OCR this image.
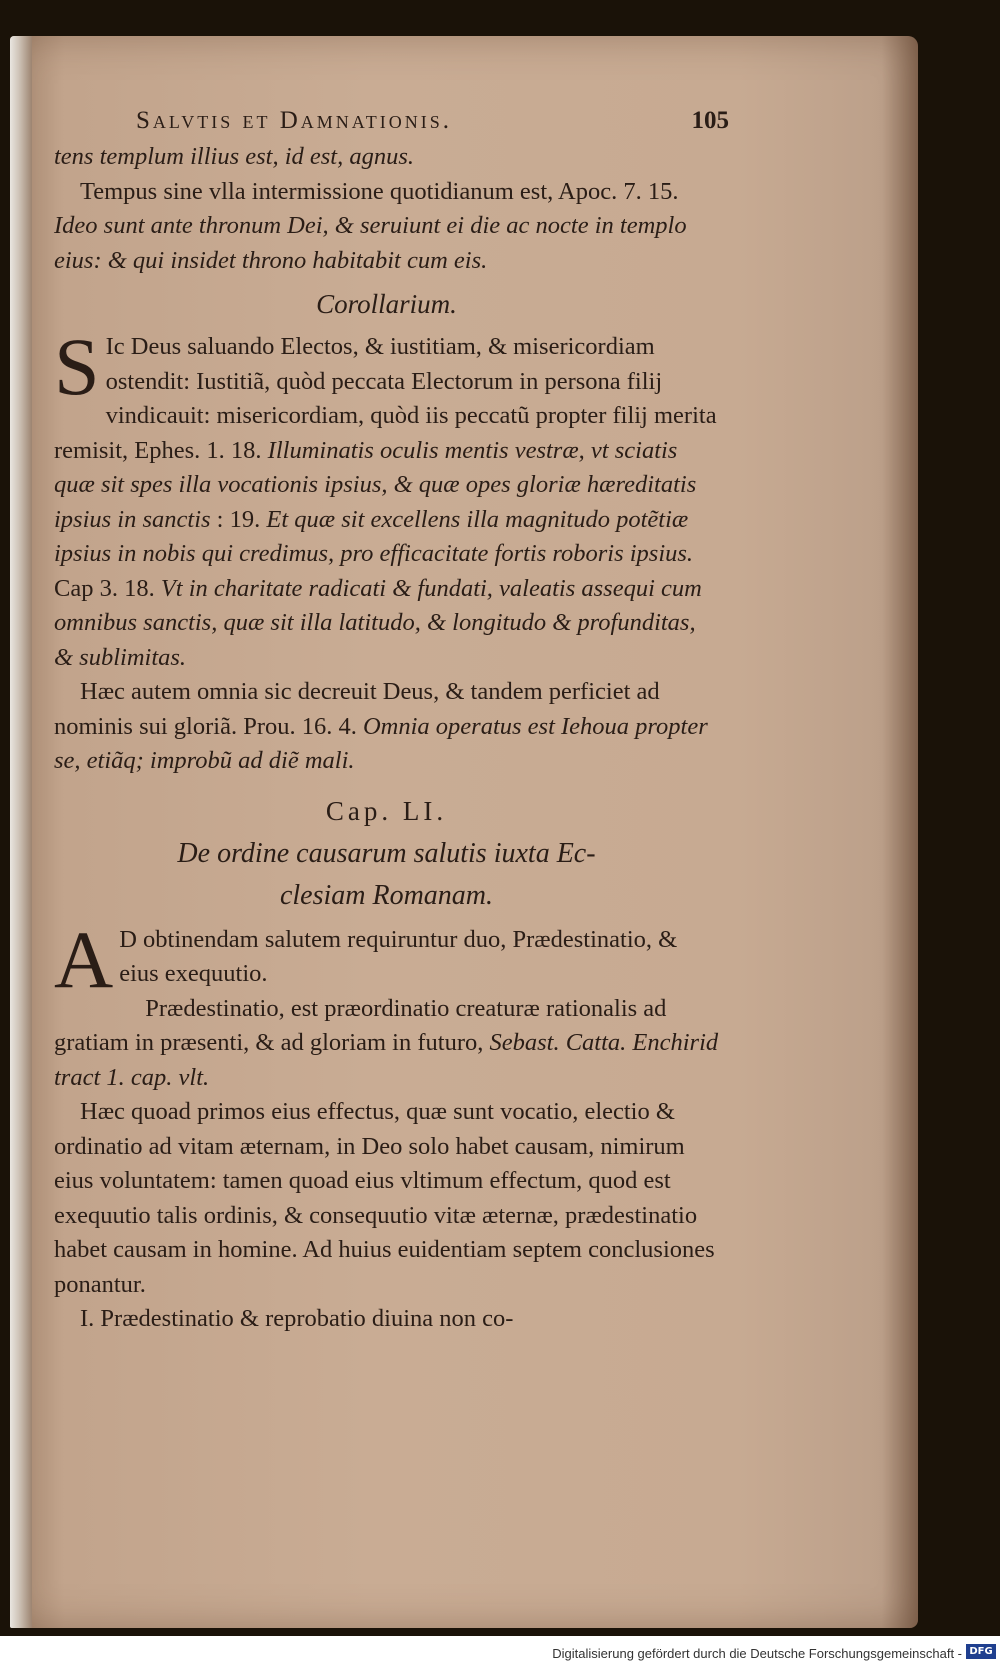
Salvtis et Damnationis.	105

tens templum illius est, id est, agnus.

Tempus sine vlla intermissione quotidianum est, Apoc. 7. 15. Ideo sunt ante thronum Dei, & seruiunt ei die ac nocte in templo eius: & qui insidet throno habitabit cum eis.

Corollarium.

S Ic Deus saluando Electos, & iustitiam, & misericordiam ostendit: Iustitiã, quòd peccata Electorum in persona filij vindicauit: misericordiam, quòd iis peccatũ propter filij merita remisit, Ephes. 1. 18. Illuminatis oculis mentis vestræ, vt sciatis quæ sit spes illa vocationis ipsius, & quæ opes gloriæ hæreditatis ipsius in sanctis : 19. Et quæ sit excellens illa magnitudo potẽtiæ ipsius in nobis qui credimus, pro efficacitate fortis roboris ipsius. Cap 3. 18. Vt in charitate radicati & fundati, valeatis assequi cum omnibus sanctis, quæ sit illa latitudo, & longitudo & profunditas, & sublimitas.

Hæc autem omnia sic decreuit Deus, & tandem perficiet ad nominis sui gloriã. Prou. 16. 4. Omnia operatus est Iehoua propter se, etiãq; improbũ ad diẽ mali.

Cap. LI.
De ordine causarum salutis iuxta Ec-
clesiam Romanam.

A D obtinendam salutem requiruntur duo, Prædestinatio, & eius exequutio.

Prædestinatio, est præordinatio creaturæ rationalis ad gratiam in præsenti, & ad gloriam in futuro, Sebast. Catta. Enchirid tract 1. cap. vlt.

Hæc quoad primos eius effectus, quæ sunt vocatio, electio & ordinatio ad vitam æternam, in Deo solo habet causam, nimirum eius voluntatem: tamen quoad eius vltimum effectum, quod est exequutio talis ordinis, & consequutio vitæ æternæ, prædestinatio habet causam in homine. Ad huius euidentiam septem conclusiones ponantur.

I. Prædestinatio & reprobatio diuina non co-

Digitalisierung gefördert durch die Deutsche Forschungsgemeinschaft - DFG
